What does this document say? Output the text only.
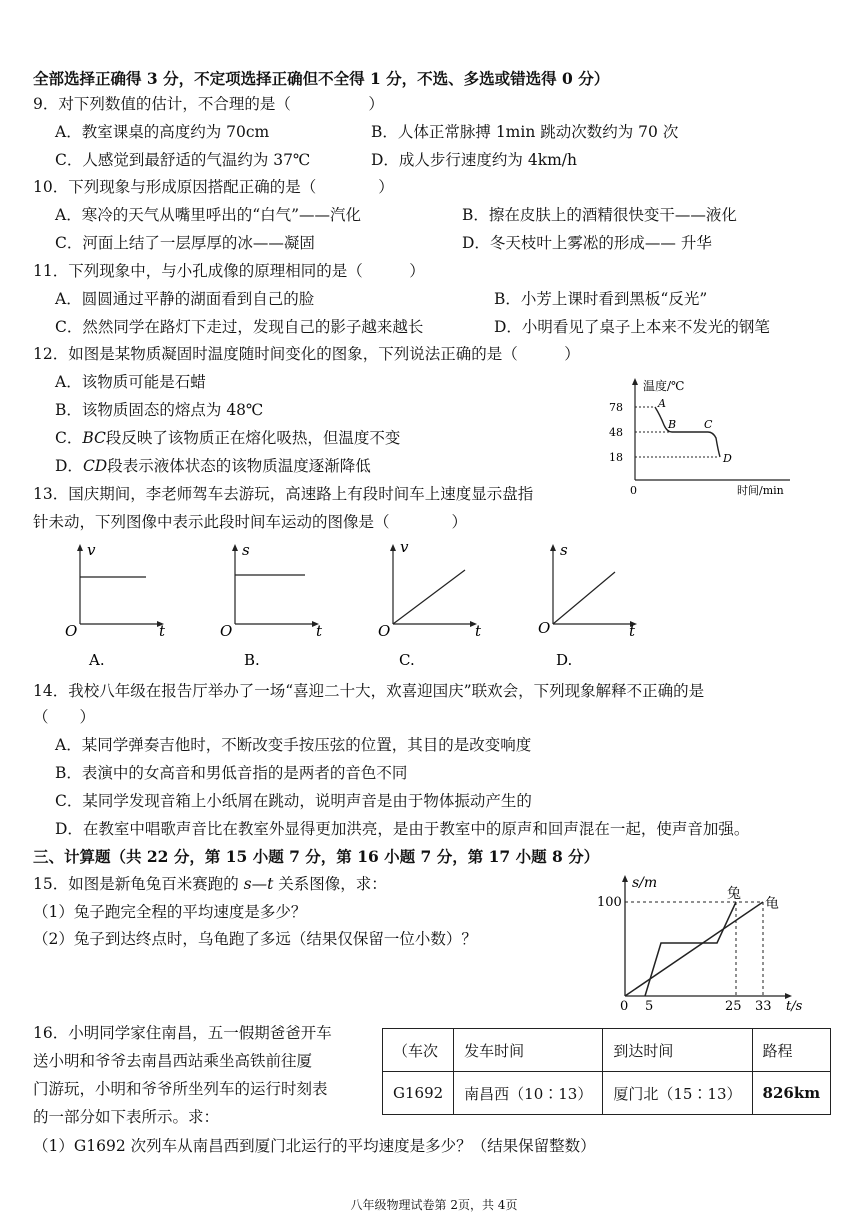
全部选择正确得 3 分，不定项选择正确但不全得 1 分，不选、多选或错选得 0 分）
9．对下列数值的估计，不合理的是（　　　　　）
A．教室课桌的高度约为 70cm	B．人体正常脉搏 1min 跳动次数约为 70 次
C．人感觉到最舒适的气温约为 37℃	D．成人步行速度约为 4km/h
10．下列现象与形成原因搭配正确的是（　　　　）
A．寒冷的天气从嘴里呼出的“白气”——汽化	B．擦在皮肤上的酒精很快变干——液化
C．河面上结了一层厚厚的冰——凝固	D．冬天枝叶上雾凇的形成—— 升华
11．下列现象中，与小孔成像的原理相同的是（　　　）
A．圆圆通过平静的湖面看到自己的脸	B．小芳上课时看到黑板“反光”
C．然然同学在路灯下走过，发现自己的影子越来越长	D．小明看见了桌子上本来不发光的钢笔
12．如图是某物质凝固时温度随时间变化的图象，下列说法正确的是（　　　）
A．该物质可能是石蜡
B．该物质固态的熔点为 48℃
C．BC段反映了该物质正在熔化吸热，但温度不变
D．CD段表示液体状态的该物质温度逐渐降低
温度/℃
78
48
18
0	时间/min
A
B	C
D
13．国庆期间，李老师驾车去游玩，高速路上有段时间车上速度显示盘指
针未动，下列图像中表示此段时间车运动的图像是（　　　　）
v
t
O
A.
s
t
O
B.
v
t
O
C.
s
t
O
D.
14．我校八年级在报告厅举办了一场“喜迎二十大，欢喜迎国庆”联欢会，下列现象解释不正确的是
（　　）
A．某同学弹奏吉他时，不断改变手按压弦的位置，其目的是改变响度
B．表演中的女高音和男低音指的是两者的音色不同
C．某同学发现音箱上小纸屑在跳动，说明声音是由于物体振动产生的
D．在教室中唱歌声音比在教室外显得更加洪亮，是由于教室中的原声和回声混在一起，使声音加强。
三、计算题（共 22 分，第 15 小题 7 分，第 16 小题 7 分，第 17 小题 8 分）
15．如图是新龟兔百米赛跑的 s—t 关系图像，求：
（1）兔子跑完全程的平均速度是多少？
（2）兔子到达终点时，乌龟跑了多远（结果仅保留一位小数）？
s/m
100
0 5	25 33 t/s
兔
龟
16．小明同学家住南昌，五一假期爸爸开车
送小明和爷爷去南昌西站乘坐高铁前往厦
门游玩，小明和爷爷所坐列车的运行时刻表
的一部分如下表所示。求：
（车次	发车时间	到达时间	路程
G1692	南昌西（10∶13）	厦门北（15∶13）	826km
（1）G1692 次列车从南昌西到厦门北运行的平均速度是多少？（结果保留整数）
八年级物理试卷第 2页，共 4页
